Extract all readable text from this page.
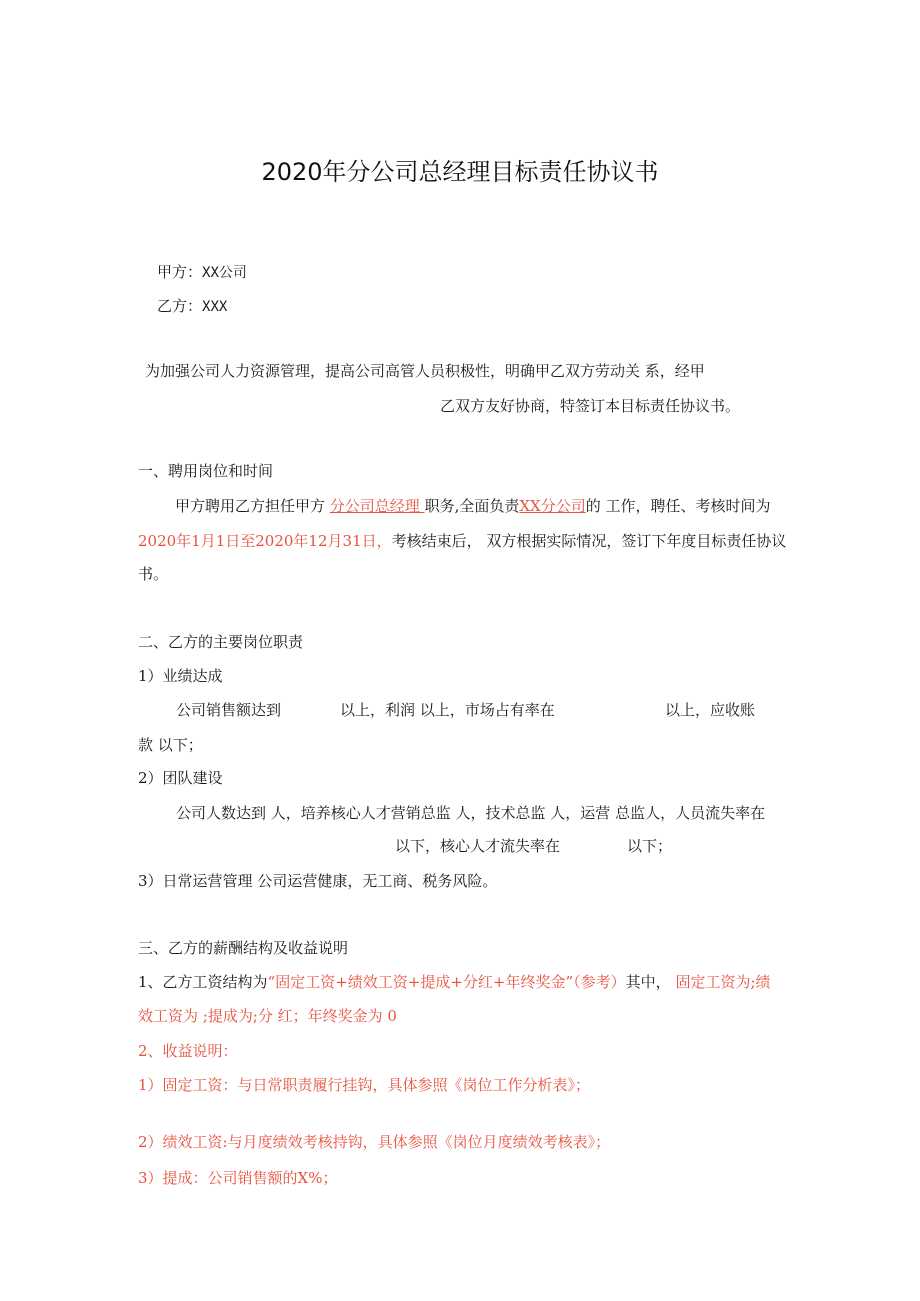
2020年分公司总经理目标责任协议书
甲方：XX公司
乙方：XXX
为加强公司人力资源管理，提高公司高管人员积极性，明确甲乙双方劳动关 系，经甲
乙双方友好协商，特签订本目标责任协议书。
一、聘用岗位和时间
甲方聘用乙方担任甲方 分公司总经理 职务,全面负责XX分公司的 工作，聘任、考核时间为
2020年1月1日至2020年12月31日，考核结束后， 双方根据实际情况，签订下年度目标责任协议
书。
二、乙方的主要岗位职责
1）业绩达成
公司销售额达到	以上，利润 以上，市场占有率在	以上，应收账
款 以下；
2）团队建设
公司人数达到 人，培养核心人才营销总监 人，技术总监 人，运营 总监人，人员流失率在
以下，核心人才流失率在	以下；
3）日常运营管理 公司运营健康，无工商、税务风险。
三、乙方的薪酬结构及收益说明
1、乙方工资结构为“固定工资+绩效工资+提成+分红+年终奖金”（参考）其中， 固定工资为;绩
效工资为 ;提成为;分 红；年终奖金为 0
2、收益说明：
1）固定工资：与日常职责履行挂钩，具体参照《岗位工作分析表》；
2）绩效工资:与月度绩效考核持钩，具体参照《岗位月度绩效考核表》；
3）提成：公司销售额的X%；
